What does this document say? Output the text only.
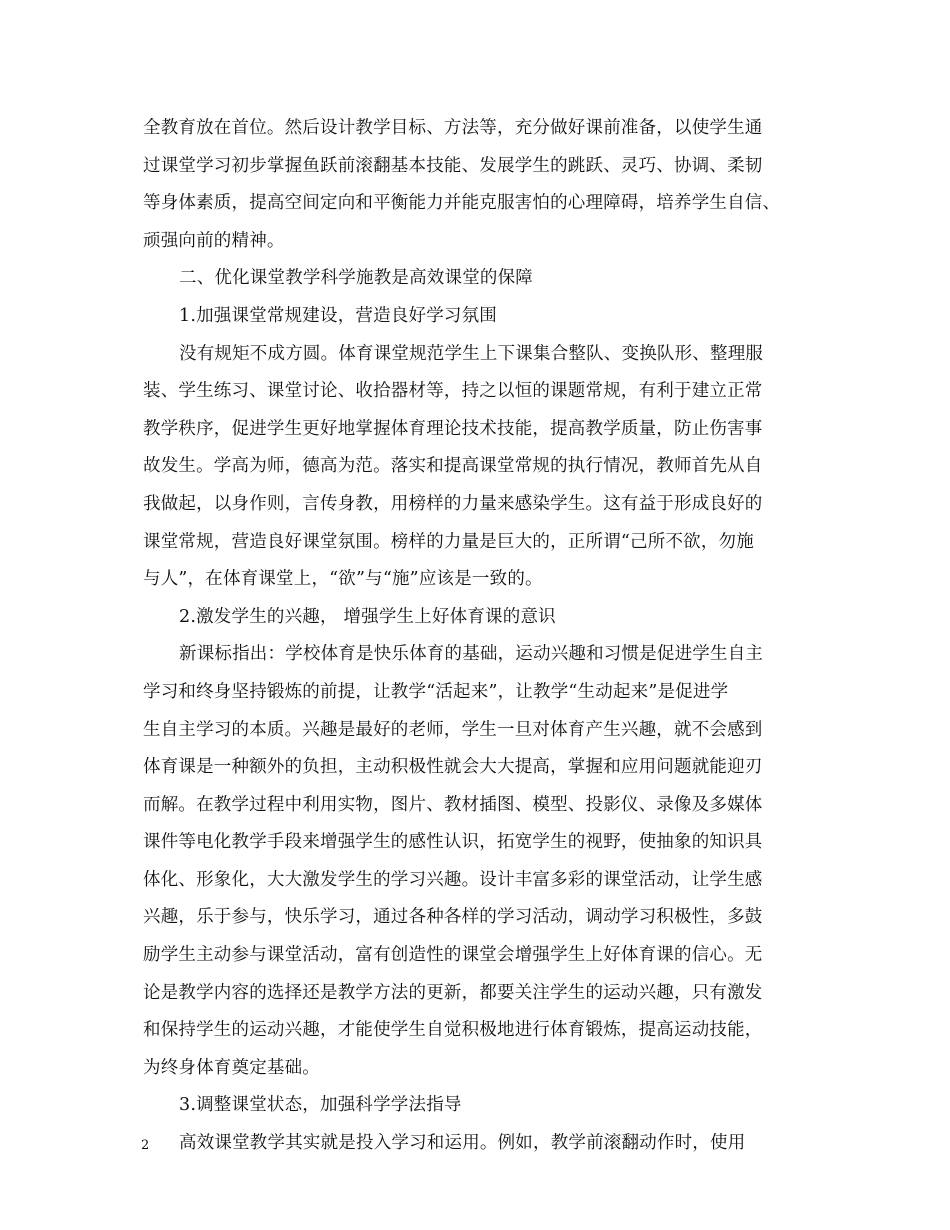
全教育放在首位。然后设计教学目标、方法等，充分做好课前准备，以使学生通
过课堂学习初步掌握鱼跃前滚翻基本技能、发展学生的跳跃、灵巧、协调、柔韧
等身体素质，提高空间定向和平衡能力并能克服害怕的心理障碍，培养学生自信、
顽强向前的精神。
二、优化课堂教学科学施教是高效课堂的保障
1.加强课堂常规建设，营造良好学习氛围
没有规矩不成方圆。体育课堂规范学生上下课集合整队、变换队形、整理服
装、学生练习、课堂讨论、收拾器材等，持之以恒的课题常规，有利于建立正常
教学秩序，促进学生更好地掌握体育理论技术技能，提高教学质量，防止伤害事
故发生。学高为师，德高为范。落实和提高课堂常规的执行情况，教师首先从自
我做起，以身作则，言传身教，用榜样的力量来感染学生。这有益于形成良好的
课堂常规，营造良好课堂氛围。榜样的力量是巨大的，正所谓“己所不欲，勿施
与人”，在体育课堂上，“欲”与“施”应该是一致的。
2.激发学生的兴趣， 增强学生上好体育课的意识
新课标指出：学校体育是快乐体育的基础，运动兴趣和习惯是促进学生自主
学习和终身坚持锻炼的前提，让教学“活起来”，让教学“生动起来”是促进学
生自主学习的本质。兴趣是最好的老师，学生一旦对体育产生兴趣，就不会感到
体育课是一种额外的负担，主动积极性就会大大提高，掌握和应用问题就能迎刃
而解。在教学过程中利用实物，图片、教材插图、模型、投影仪、录像及多媒体
课件等电化教学手段来增强学生的感性认识，拓宽学生的视野，使抽象的知识具
体化、形象化，大大激发学生的学习兴趣。设计丰富多彩的课堂活动，让学生感
兴趣，乐于参与，快乐学习，通过各种各样的学习活动，调动学习积极性，多鼓
励学生主动参与课堂活动，富有创造性的课堂会增强学生上好体育课的信心。无
论是教学内容的选择还是教学方法的更新，都要关注学生的运动兴趣，只有激发
和保持学生的运动兴趣，才能使学生自觉积极地进行体育锻炼，提高运动技能，
为终身体育奠定基础。
3.调整课堂状态，加强科学学法指导
高效课堂教学其实就是投入学习和运用。例如，教学前滚翻动作时，使用
2
